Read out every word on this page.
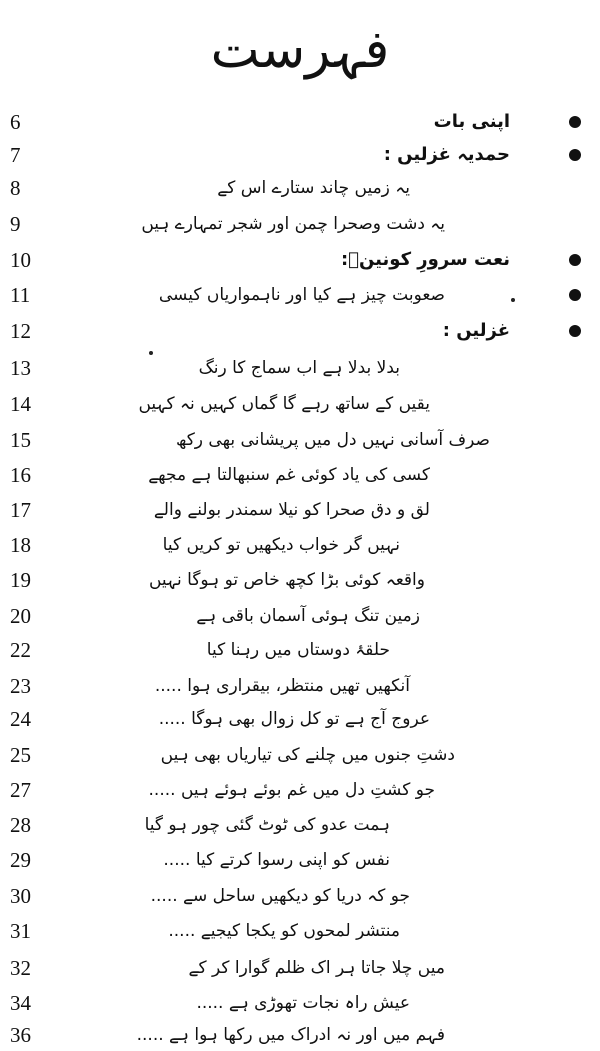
فہرست
6	اپنی بات
7	حمدیہ غزلیں :
8	یہ زمیں چاند ستارے اس کے
9	یہ دشت وصحرا چمن اور شجر تمہارے ہیں
10	نعت سرورِ کونینؐ:
11	صعوبت چیز ہے کیا اور ناہمواریاں کیسی
12	غزلیں :
13	بدلا بدلا ہے اب سماج کا رنگ
14	یقیں کے ساتھ رہے گا گماں کہیں نہ کہیں
15	صرف آسانی نہیں دل میں پریشانی بھی رکھ
16	کسی کی یاد کوئی غم سنبھالتا ہے مجھے
17	لق و دق صحرا کو نیلا سمندر بولنے والے
18	نہیں گر خواب دیکھیں تو کریں کیا
19	واقعہ کوئی بڑا کچھ خاص تو ہوگا نہیں
20	زمین تنگ ہوئی آسمان باقی ہے
22	حلقۂ دوستاں میں رہنا کیا
23	آنکھیں تھیں منتظر، بیقراری ہوا .....
24	عروج آج ہے تو کل زوال بھی ہوگا .....
25	دشتِ جنوں میں چلنے کی تیاریاں بھی ہیں
27	جو کشتِ دل میں غم بوئے ہوئے ہیں .....
28	ہمت عدو کی ٹوٹ گئی چور ہو گیا
29	نفس کو اپنی رسوا کرتے کیا .....
30	جو کہ دریا کو دیکھیں ساحل سے .....
31	منتشر لمحوں کو یکجا کیجیے .....
32	میں چلا جاتا ہر اک ظلم گوارا کر کے
34	عیش راہ نجات تھوڑی ہے .....
36	فہم میں اور نہ ادراک میں رکھا ہوا ہے .....
